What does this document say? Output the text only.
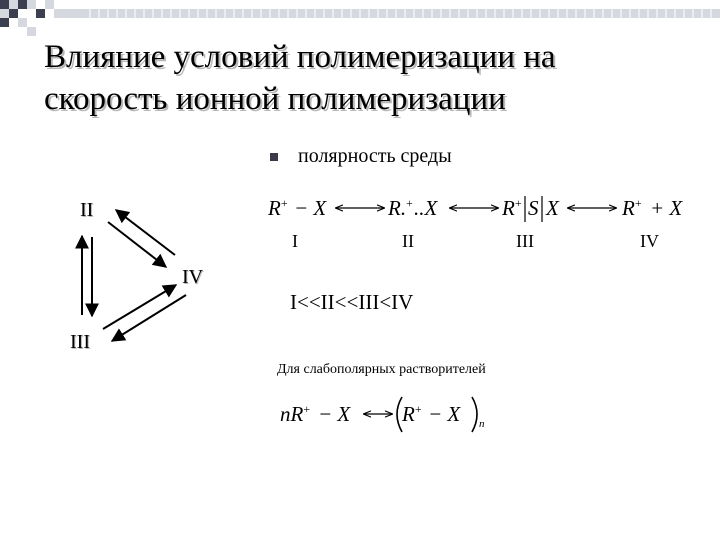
Влияние условий полимеризации на
скорость ионной полимеризации
полярность среды
R+ − X	R.+ ..X	R+ S X	R+ + X
I	II	III	IV
II
IV
III
I<<II<<III<IV
Для слабополярных растворителей
nR+ − X R+ − X n
